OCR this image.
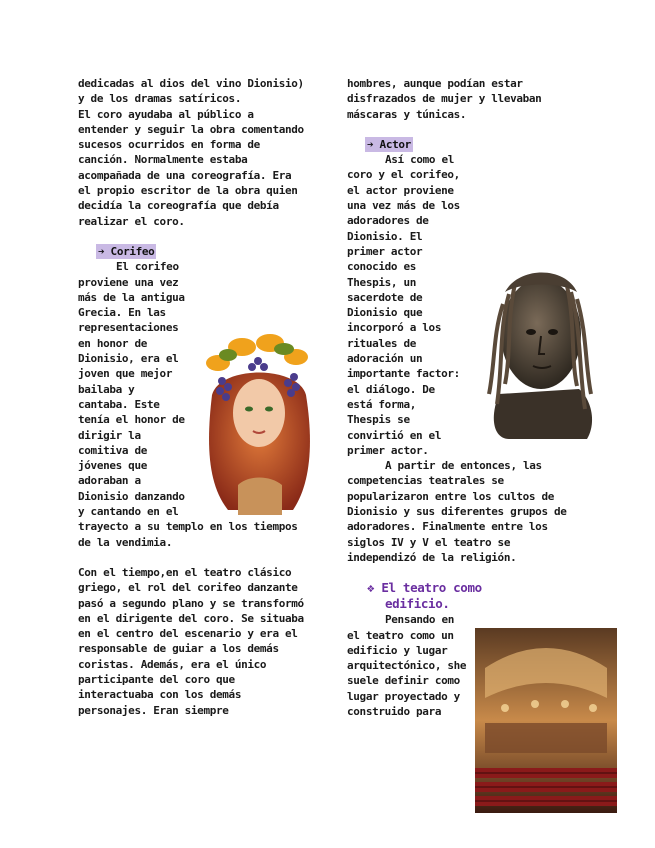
dedicadas al dios del vino Dionisio) y de los dramas satíricos.

El coro ayudaba al público a entender y seguir la obra comentando sucesos ocurridos en forma de canción. Normalmente estaba acompañada de una coreografía. Era el propio escritor de la obra quien decidía la coreografía que debía realizar el coro.

➔ Corifeo

El corifeo proviene una vez más de la antigua Grecia. En las representaciones en honor de Dionisio, era el joven que mejor bailaba y cantaba. Este tenía el honor de dirigir la comitiva de jóvenes que adoraban a Dionisio danzando y cantando en el trayecto a su templo en los tiempos de la vendimia.

Con el tiempo,en el teatro clásico griego, el rol del corifeo danzante pasó a segundo plano y se transformó en el dirigente del coro. Se situaba en el centro del escenario y era el responsable de guiar a los demás coristas. Además, era el único participante del coro que interactuaba con los demás personajes. Eran siempre

hombres, aunque podían estar disfrazados de mujer y llevaban máscaras y túnicas.

➔ Actor

Así como el coro y el corifeo, el actor proviene una vez más de los adoradores de Dionisio. El primer actor conocido es Thespis, un sacerdote de Dionisio que incorporó a los rituales de adoración un importante factor: el diálogo. De está forma, Thespis se convirtió en el primer actor.

A partir de entonces, las competencias teatrales se popularizaron entre los cultos de Dionisio y sus diferentes grupos de adoradores. Finalmente entre los siglos IV y V el teatro se independizó de la religión.

❖ El teatro como
edificio.

Pensando en el teatro como un edificio y lugar arquitectónico, she suele definir como lugar proyectado y construido para
